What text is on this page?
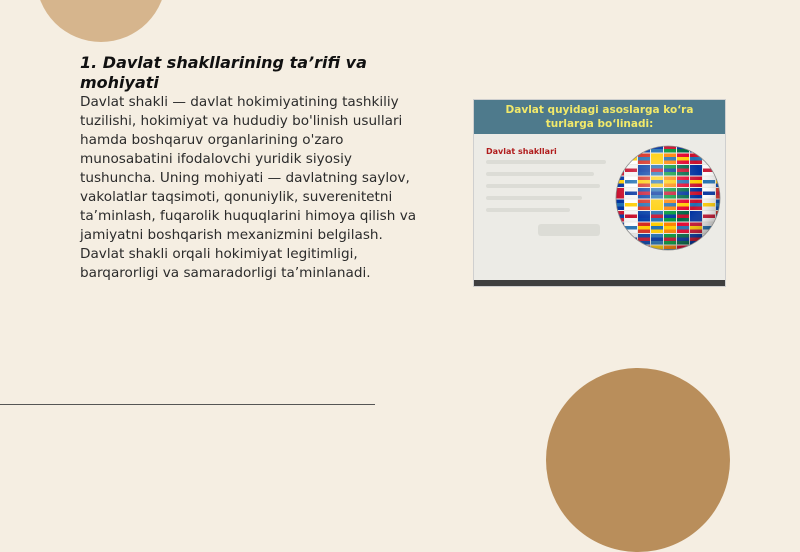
1. Davlat shakllarining ta’rifi va mohiyati

Davlat shakli — davlat hokimiyatining tashkiliy tuzilishi, hokimiyat va hududiy bo'linish usullari hamda boshqaruv organlarining o'zaro munosabatini ifodalovchi yuridik siyosiy tushuncha. Uning mohiyati — davlatning saylov, vakolatlar taqsimoti, qonuniylik, suverenitetni ta’minlash, fuqarolik huquqlarini himoya qilish va jamiyatni boshqarish mexanizmini belgilash. Davlat shakli orqali hokimiyat legitimligi, barqarorligi va samaradorligi ta’minlanadi.

Davlat quyidagi asoslarga ko‘ra
turlarga bo‘linadi:
Davlat shakllari
